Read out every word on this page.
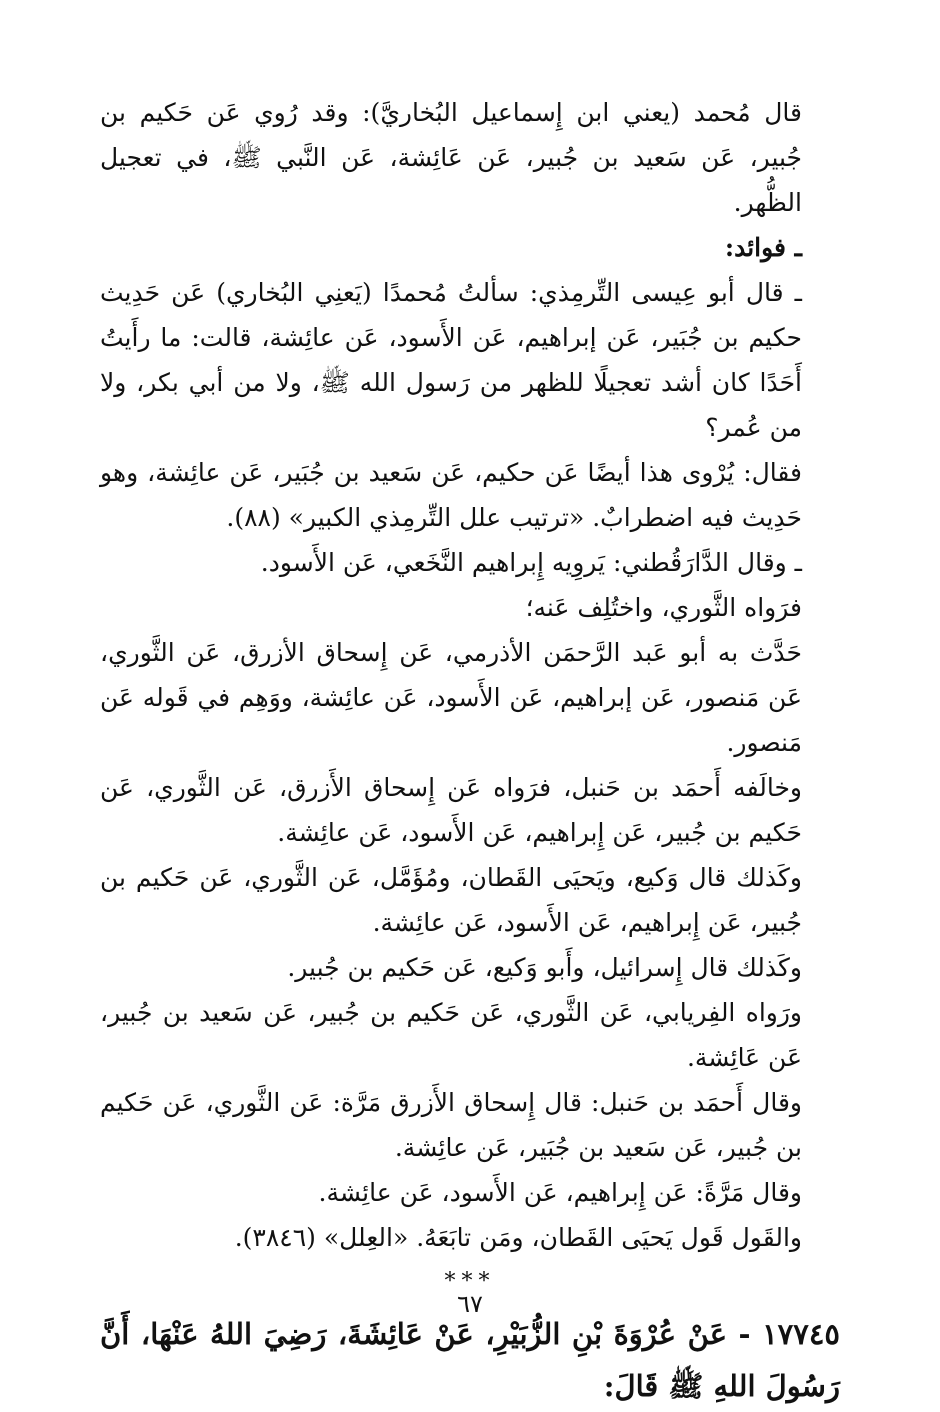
قال مُحمد (يعني ابن إِسماعيل البُخاريَّ): وقد رُوي عَن حَكيم بن جُبير، عَن سَعيد بن جُبير، عَن عَائِشة، عَن النَّبي ﷺ، في تعجيل الظُّهر.

ـ فوائد:

ـ قال أبو عِيسى التِّرمِذي: سألتُ مُحمدًا (يَعنِي البُخاري) عَن حَدِيث حكيم بن جُبَير، عَن إبراهيم، عَن الأَسود، عَن عائِشة، قالت: ما رأَيتُ أَحَدًا كان أشد تعجيلًا للظهر من رَسول الله ﷺ، ولا من أبي بكر، ولا من عُمر؟

فقال: يُرْوى هذا أيضًا عَن حكيم، عَن سَعيد بن جُبَير، عَن عائِشة، وهو حَدِيث فيه اضطرابٌ. «ترتيب علل التِّرمِذي الكبير» (٨٨).

ـ وقال الدَّارَقُطني: يَروِيه إِبراهيم النَّخَعي، عَن الأَسود.

فرَواه الثَّوري، واختُلِف عَنه؛

حَدَّث به أبو عَبد الرَّحمَن الأذرمي، عَن إِسحاق الأزرق، عَن الثَّوري، عَن مَنصور، عَن إبراهيم، عَن الأَسود، عَن عائِشة، ووَهِم في قَوله عَن مَنصور.

وخالَفه أَحمَد بن حَنبل، فرَواه عَن إِسحاق الأَزرق، عَن الثَّوري، عَن حَكيم بن جُبير، عَن إِبراهيم، عَن الأَسود، عَن عائِشة.

وكَذلك قال وَكيع، ويَحيَى القَطان، ومُؤَمَّل، عَن الثَّوري، عَن حَكيم بن جُبير، عَن إِبراهيم، عَن الأَسود، عَن عائِشة.

وكَذلك قال إِسرائيل، وأَبو وَكيع، عَن حَكيم بن جُبير.

ورَواه الفِريابي، عَن الثَّوري، عَن حَكيم بن جُبير، عَن سَعيد بن جُبير، عَن عَائِشة.

وقال أَحمَد بن حَنبل: قال إِسحاق الأَزرق مَرَّة: عَن الثَّوري، عَن حَكيم بن جُبير، عَن سَعيد بن جُبَير، عَن عائِشة.

وقال مَرَّةً: عَن إِبراهيم، عَن الأَسود، عَن عائِشة.

والقَول قَول يَحيَى القَطان، ومَن تابَعَهُ. «العِلل» (٣٨٤٦).

***

١٧٧٤٥ - عَنْ عُرْوَةَ بْنِ الزُّبَيْرِ، عَنْ عَائِشَةَ، رَضِيَ اللهُ عَنْهَا، أَنَّ رَسُولَ اللهِ ﷺ قَالَ:

٦٧
